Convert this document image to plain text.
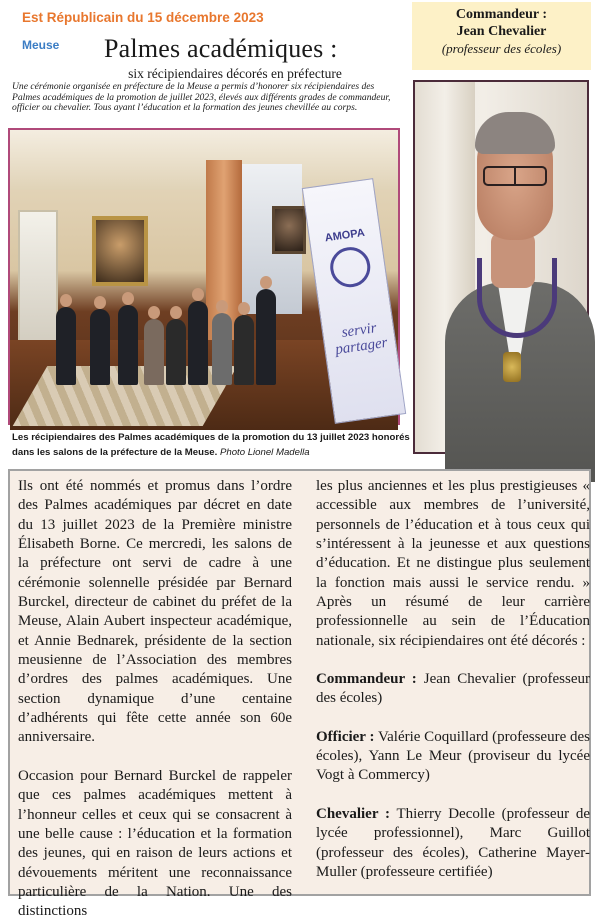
Est Républicain du 15 décembre 2023
Meuse Palmes académiques :
six récipiendaires décorés en préfecture
Une cérémonie organisée en préfecture de la Meuse a permis d’honorer six récipiendaires des Palmes académiques de la promotion de juillet 2023, élevés aux différents grades de commandeur, officier ou chevalier. Tous ayant l’éducation et la formation des jeunes chevillée au corps.
Commandeur :
Jean Chevalier
(professeur des écoles)
AMOPA
servir partager
Les récipiendaires des Palmes académiques de la promotion du 13 juillet 2023 honorés dans les salons de la préfecture de la Meuse. Photo Lionel Madella

Ils ont été nommés et promus dans l’ordre des Palmes académiques par décret en date du 13 juillet 2023 de la Première ministre Élisabeth Borne. Ce mercredi, les salons de la préfecture ont servi de cadre à une cérémonie solennelle présidée par Bernard Burckel, directeur de cabinet du préfet de la Meuse, Alain Aubert inspecteur académique, et Annie Bednarek, présidente de la section meusienne de l’Association des membres d’ordres des palmes académiques. Une section dynamique d’une centaine d’adhérents qui fête cette année son 60e anniversaire.

Occasion pour Bernard Burckel de rappeler que ces palmes académiques mettent à l’honneur celles et ceux qui se consacrent à une belle cause : l’éducation et la formation des jeunes, qui en raison de leurs actions et dévouements méritent une reconnaissance particulière de la Nation. Une des distinctions

les plus anciennes et les plus prestigieuses « accessible aux membres de l’université, personnels de l’éducation et à tous ceux qui s’intéressent à la jeunesse et aux questions d’éducation. Et ne distingue plus seulement la fonction mais aussi le service rendu. » Après un résumé de leur carrière professionnelle au sein de l’Éducation nationale, six récipiendaires ont été décorés :

Commandeur : Jean Chevalier (professeur des écoles)

Officier : Valérie Coquillard (professeure des écoles), Yann Le Meur (proviseur du lycée Vogt à Commercy)

Chevalier : Thierry Decolle (professeur de lycée professionnel), Marc Guillot (professeur des écoles), Catherine Mayer-Muller (professeure certifiée)
